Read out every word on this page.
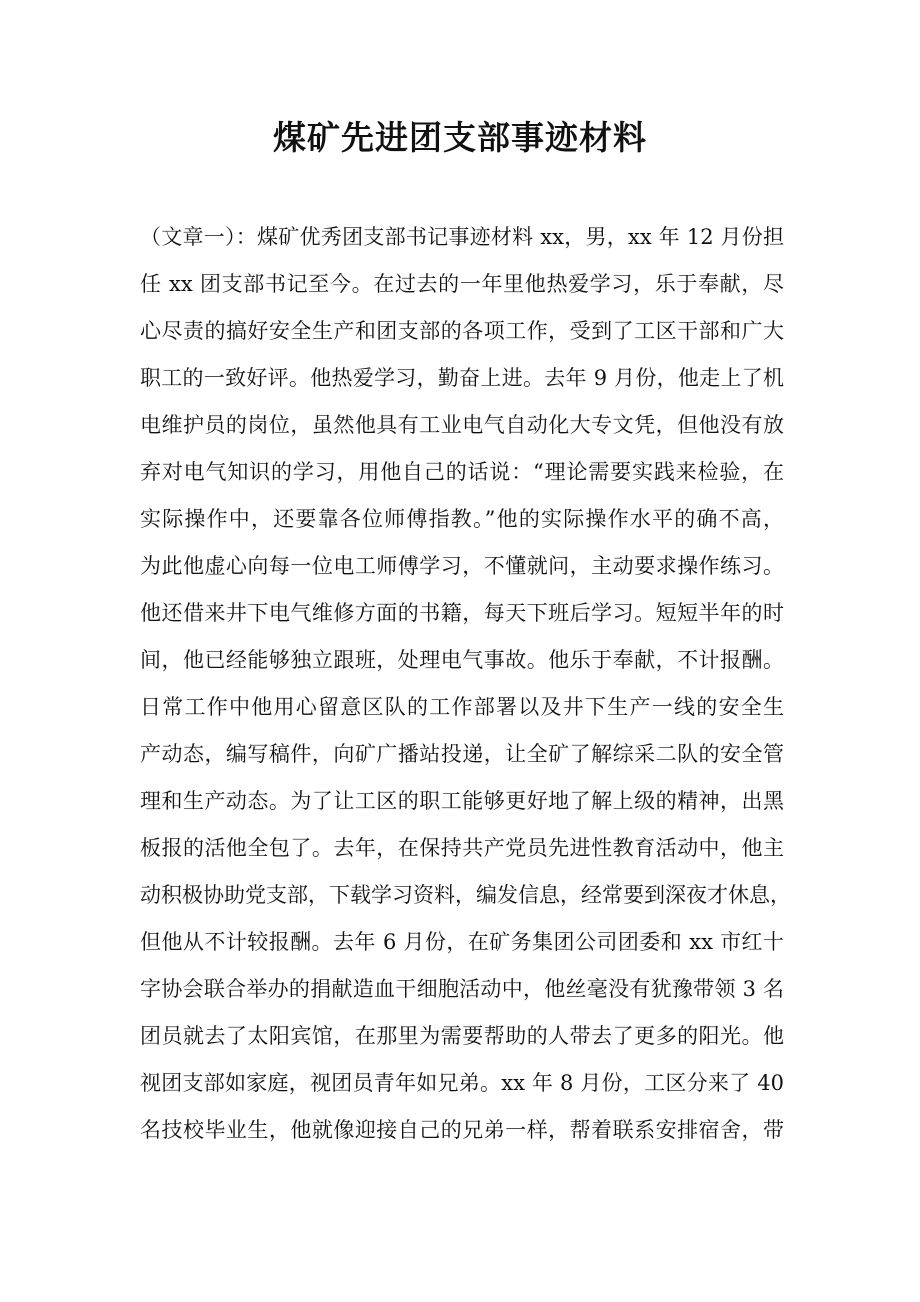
煤矿先进团支部事迹材料
（文章一）：煤矿优秀团支部书记事迹材料 xx，男，xx 年 12 月份担
任 xx 团支部书记至今。在过去的一年里他热爱学习，乐于奉献，尽
心尽责的搞好安全生产和团支部的各项工作，受到了工区干部和广大
职工的一致好评。他热爱学习，勤奋上进。去年 9 月份，他走上了机
电维护员的岗位，虽然他具有工业电气自动化大专文凭，但他没有放
弃对电气知识的学习，用他自己的话说：“理论需要实践来检验，在
实际操作中，还要靠各位师傅指教。”他的实际操作水平的确不高，
为此他虚心向每一位电工师傅学习，不懂就问，主动要求操作练习。
他还借来井下电气维修方面的书籍，每天下班后学习。短短半年的时
间，他已经能够独立跟班，处理电气事故。他乐于奉献，不计报酬。
日常工作中他用心留意区队的工作部署以及井下生产一线的安全生
产动态，编写稿件，向矿广播站投递，让全矿了解综采二队的安全管
理和生产动态。为了让工区的职工能够更好地了解上级的精神，出黑
板报的活他全包了。去年，在保持共产党员先进性教育活动中，他主
动积极协助党支部，下载学习资料，编发信息，经常要到深夜才休息，
但他从不计较报酬。去年 6 月份，在矿务集团公司团委和 xx 市红十
字协会联合举办的捐献造血干细胞活动中，他丝毫没有犹豫带领 3 名
团员就去了太阳宾馆，在那里为需要帮助的人带去了更多的阳光。他
视团支部如家庭，视团员青年如兄弟。xx 年 8 月份，工区分来了 40
名技校毕业生，他就像迎接自己的兄弟一样，帮着联系安排宿舍，带
